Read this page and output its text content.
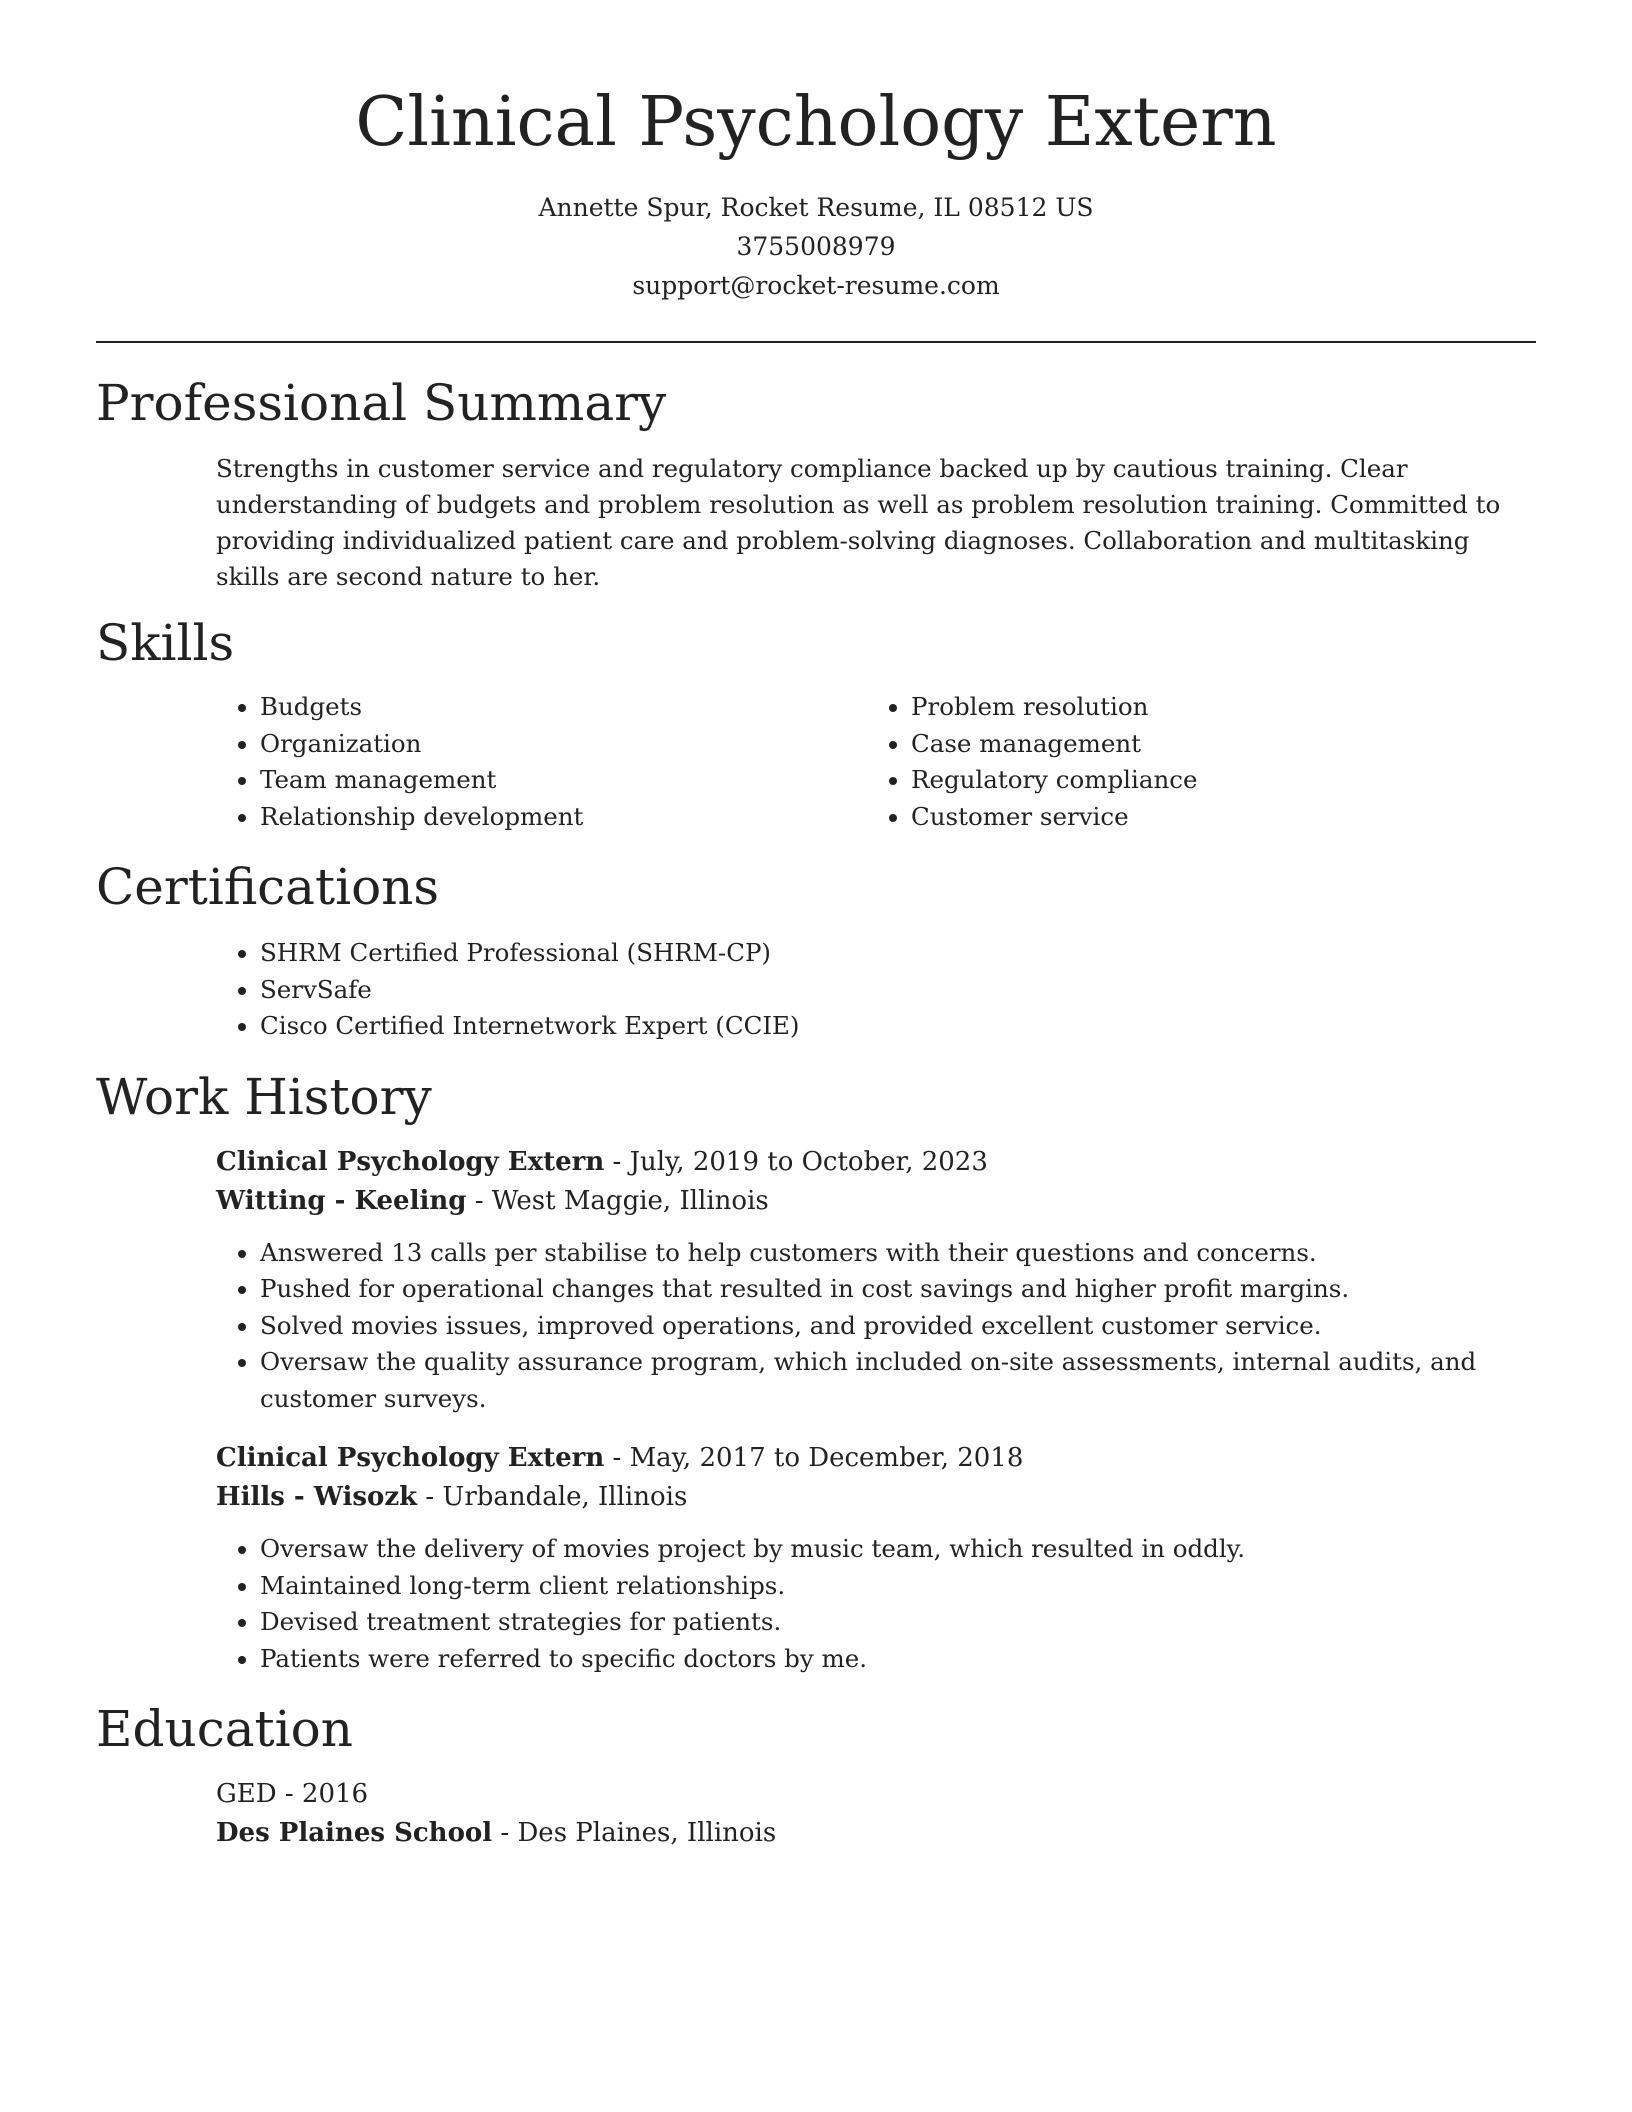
Clinical Psychology Extern
Annette Spur, Rocket Resume, IL 08512 US
3755008979
support@rocket-resume.com
Professional Summary

Strengths in customer service and regulatory compliance backed up by cautious training. Clear understanding of budgets and problem resolution as well as problem resolution training. Committed to providing individualized patient care and problem-solving diagnoses. Collaboration and multitasking skills are second nature to her.

Skills
• Budgets
• Organization
• Team management
• Relationship development
• Problem resolution
• Case management
• Regulatory compliance
• Customer service
Certifications
• SHRM Certified Professional (SHRM-CP)
• ServSafe
• Cisco Certified Internetwork Expert (CCIE)
Work History
Clinical Psychology Extern - July, 2019 to October, 2023
Witting - Keeling - West Maggie, Illinois
• Answered 13 calls per stabilise to help customers with their questions and concerns.
• Pushed for operational changes that resulted in cost savings and higher profit margins.
• Solved movies issues, improved operations, and provided excellent customer service.
• Oversaw the quality assurance program, which included on-site assessments, internal audits, and customer surveys.
Clinical Psychology Extern - May, 2017 to December, 2018
Hills - Wisozk - Urbandale, Illinois
• Oversaw the delivery of movies project by music team, which resulted in oddly.
• Maintained long-term client relationships.
• Devised treatment strategies for patients.
• Patients were referred to specific doctors by me.
Education
GED - 2016
Des Plaines School - Des Plaines, Illinois
